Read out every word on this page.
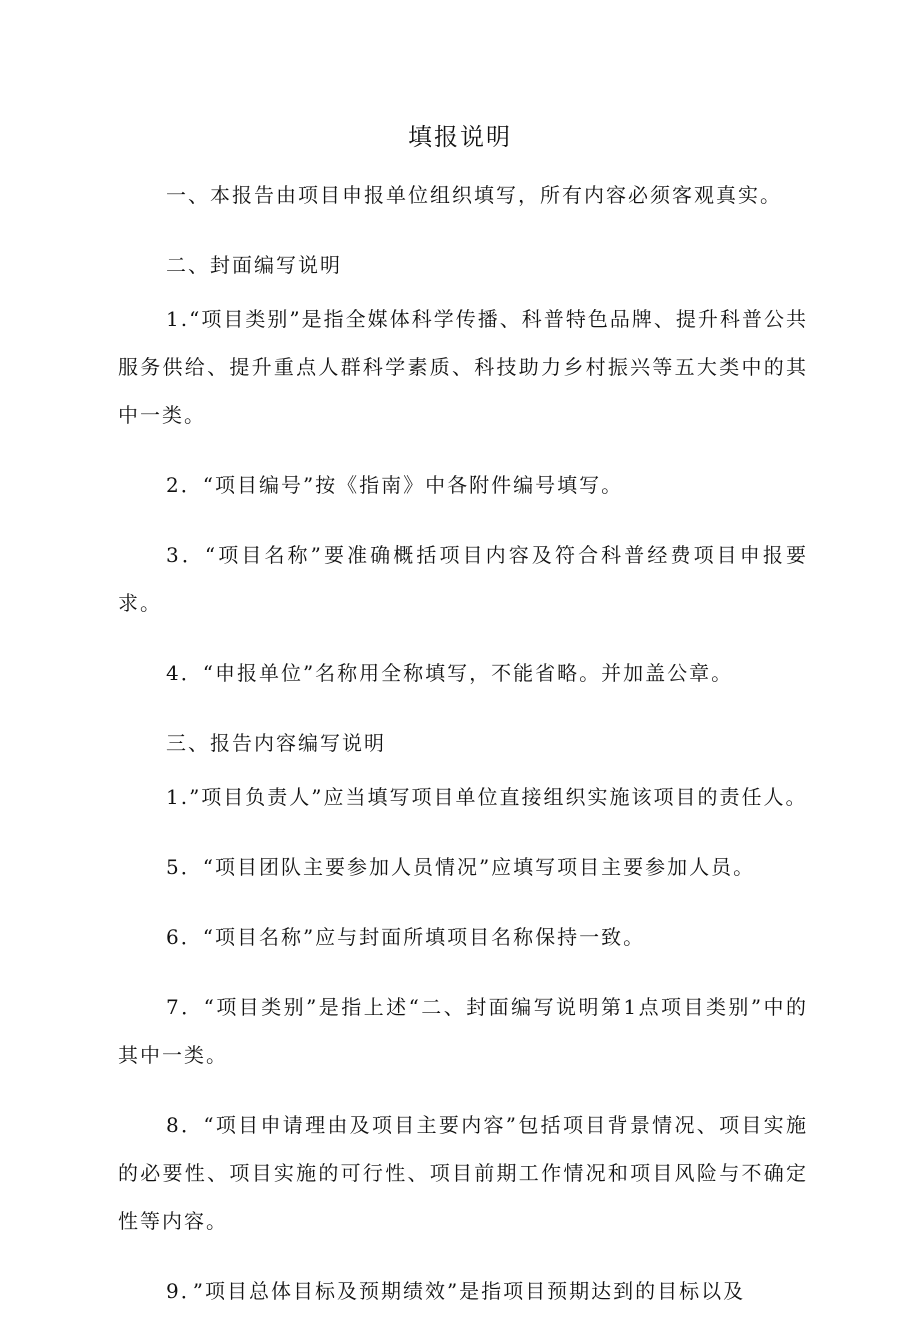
填报说明

一、本报告由项目申报单位组织填写，所有内容必须客观真实。

二、封面编写说明

1.“项目类别”是指全媒体科学传播、科普特色品牌、提升科普公共服务供给、提升重点人群科学素质、科技助力乡村振兴等五大类中的其中一类。

2．“项目编号”按《指南》中各附件编号填写。

3．“项目名称”要准确概括项目内容及符合科普经费项目申报要求。

4．“申报单位”名称用全称填写，不能省略。并加盖公章。

三、报告内容编写说明

1.”项目负责人”应当填写项目单位直接组织实施该项目的责任人。

5．“项目团队主要参加人员情况”应填写项目主要参加人员。

6．“项目名称”应与封面所填项目名称保持一致。

7．“项目类别”是指上述“二、封面编写说明第1点项目类别”中的其中一类。

8．“项目申请理由及项目主要内容”包括项目背景情况、项目实施的必要性、项目实施的可行性、项目前期工作情况和项目风险与不确定性等内容。

9．”项目总体目标及预期绩效”是指项目预期达到的目标以及
